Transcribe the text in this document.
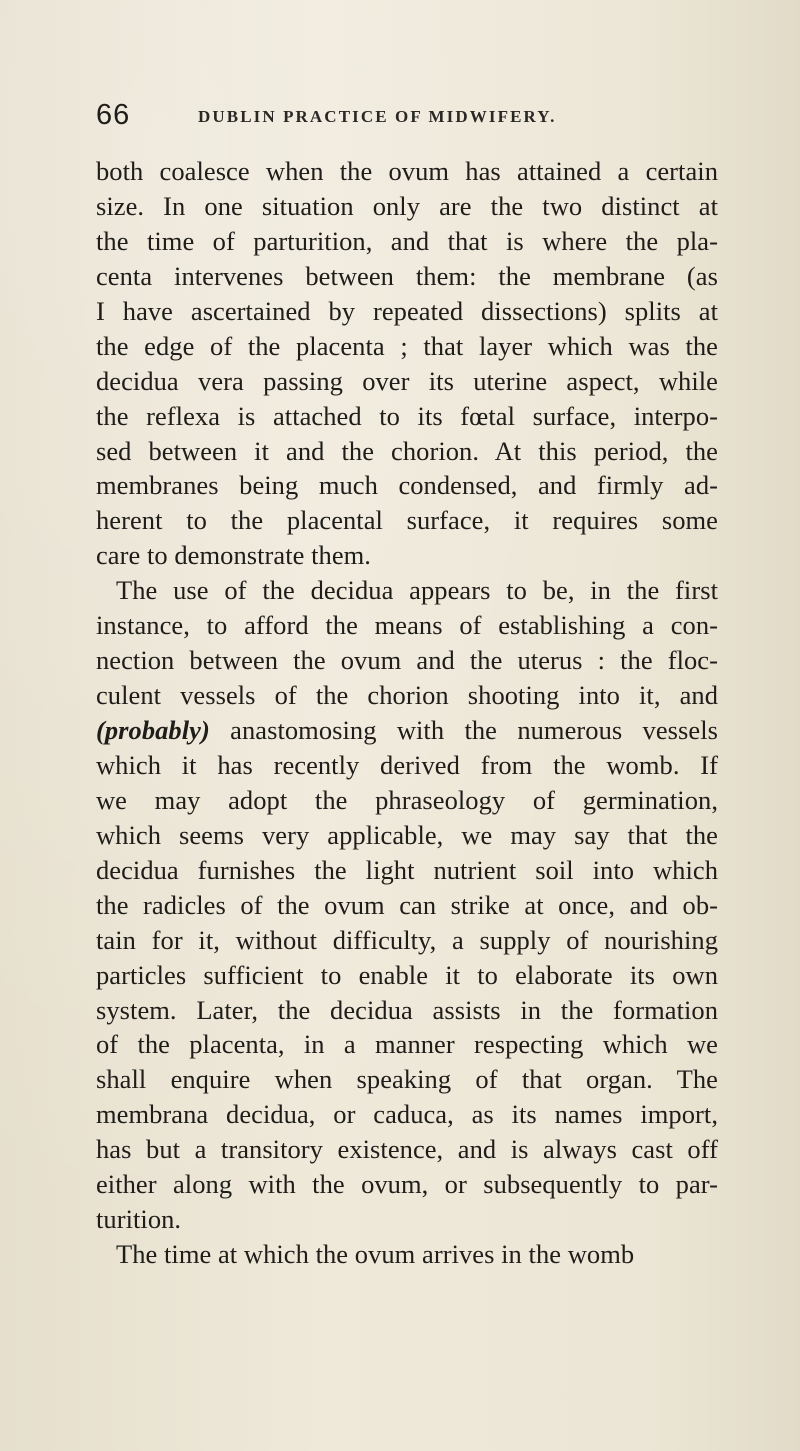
66	DUBLIN PRACTICE OF MIDWIFERY.
both coalesce when the ovum has attained a certain
size. In one situation only are the two distinct at
the time of parturition, and that is where the pla-
centa intervenes between them: the membrane (as
I have ascertained by repeated dissections) splits at
the edge of the placenta ; that layer which was the
decidua vera passing over its uterine aspect, while
the reflexa is attached to its fœtal surface, interpo-
sed between it and the chorion. At this period, the
membranes being much condensed, and firmly ad-
herent to the placental surface, it requires some
care to demonstrate them.
The use of the decidua appears to be, in the first
instance, to afford the means of establishing a con-
nection between the ovum and the uterus : the floc-
culent vessels of the chorion shooting into it, and
(probably) anastomosing with the numerous vessels
which it has recently derived from the womb. If
we may adopt the phraseology of germination,
which seems very applicable, we may say that the
decidua furnishes the light nutrient soil into which
the radicles of the ovum can strike at once, and ob-
tain for it, without difficulty, a supply of nourishing
particles sufficient to enable it to elaborate its own
system. Later, the decidua assists in the formation
of the placenta, in a manner respecting which we
shall enquire when speaking of that organ. The
membrana decidua, or caduca, as its names import,
has but a transitory existence, and is always cast off
either along with the ovum, or subsequently to par-
turition.
The time at which the ovum arrives in the womb
